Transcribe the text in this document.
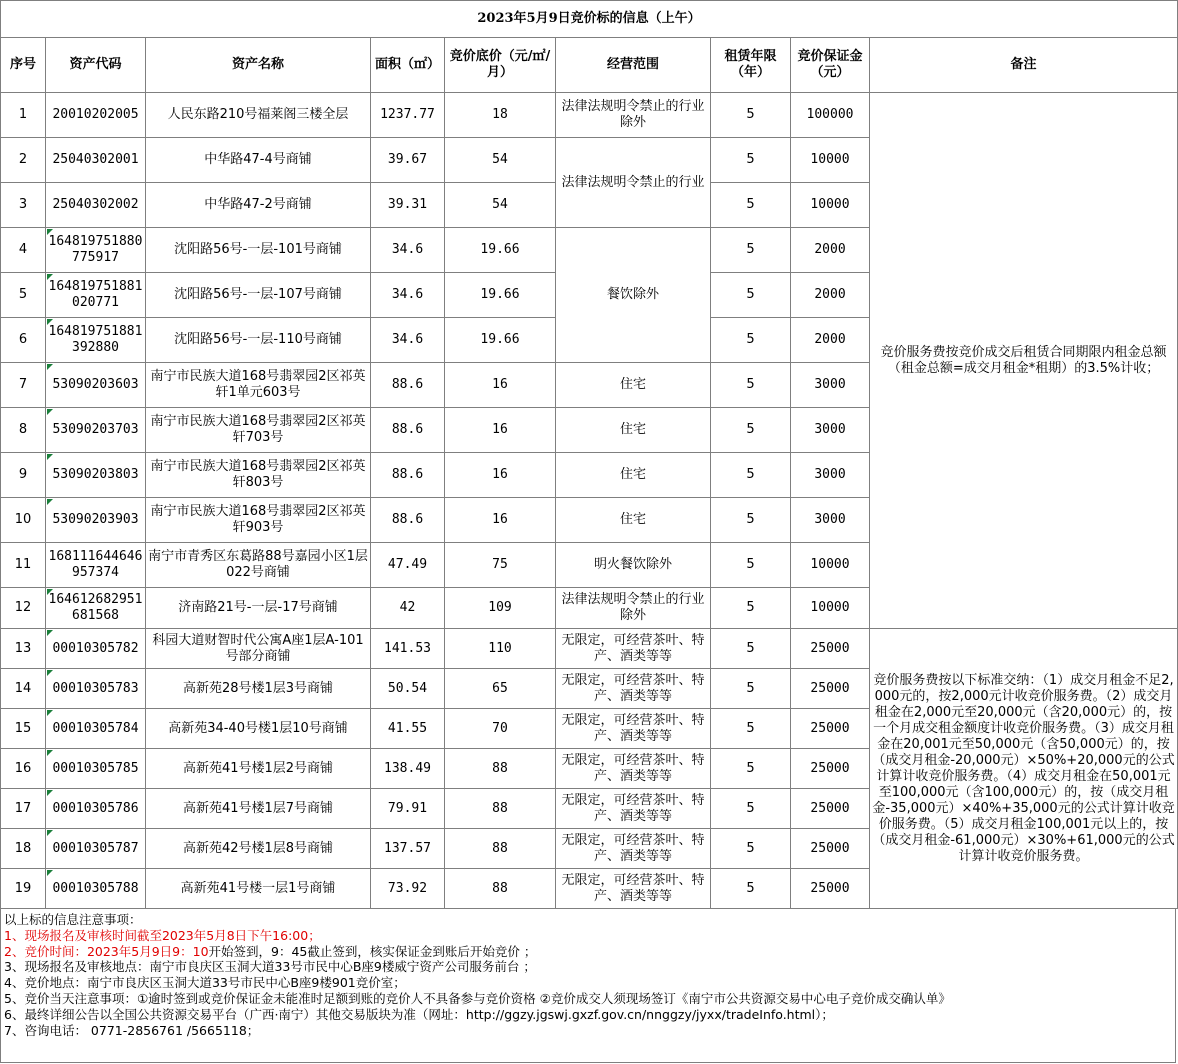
2023年5月9日竞价标的信息（上午）								
序号	资产代码	资产名称	面积（㎡）	竞价底价（元/㎡/月）	经营范围	租赁年限（年）	竞价保证金（元）	备注
1	20010202005	人民东路210号福莱阁三楼全层	1237.77	18	法律法规明令禁止的行业除外	5	100000	竞价服务费按竞价成交后租赁合同期限内租金总额（租金总额=成交月租金*租期）的3.5%计收；
2	25040302001	中华路47-4号商铺	39.67	54	法律法规明令禁止的行业	5	10000	
3	25040302002	中华路47-2号商铺	39.31	54		5	10000	
4	164819751880775917	沈阳路56号-一层-101号商铺	34.6	19.66	餐饮除外	5	2000	
5	164819751881020771	沈阳路56号-一层-107号商铺	34.6	19.66		5	2000	
6	164819751881392880	沈阳路56号-一层-110号商铺	34.6	19.66		5	2000	
7	53090203603	南宁市民族大道168号翡翠园2区祁英轩1单元603号	88.6	16	住宅	5	3000	
8	53090203703	南宁市民族大道168号翡翠园2区祁英轩703号	88.6	16	住宅	5	3000	
9	53090203803	南宁市民族大道168号翡翠园2区祁英轩803号	88.6	16	住宅	5	3000	
10	53090203903	南宁市民族大道168号翡翠园2区祁英轩903号	88.6	16	住宅	5	3000	
11	168111644646957374	南宁市青秀区东葛路88号嘉园小区1层022号商铺	47.49	75	明火餐饮除外	5	10000	
12	164612682951681568	济南路21号-一层-17号商铺	42	109	法律法规明令禁止的行业除外	5	10000	
13	00010305782	科园大道财智时代公寓A座1层A-101号部分商铺	141.53	110	无限定，可经营茶叶、特产、酒类等等	5	25000	竞价服务费按以下标准交纳：（1）成交月租金不足2,000元的，按2,000元计收竞价服务费。（2）成交月租金在2,000元至20,000元（含20,000元）的，按一个月成交租金额度计收竞价服务费。（3）成交月租金在20,001元至50,000元（含50,000元）的，按（成交月租金-20,000元）×50%+20,000元的公式计算计收竞价服务费。（4）成交月租金在50,001元至100,000元（含100,000元）的，按（成交月租金-35,000元）×40%+35,000元的公式计算计收竞价服务费。（5）成交月租金100,001元以上的，按（成交月租金-61,000元）×30%+61,000元的公式计算计收竞价服务费。
14	00010305783	高新苑28号楼1层3号商铺	50.54	65	无限定，可经营茶叶、特产、酒类等等	5	25000	
15	00010305784	高新苑34-40号楼1层10号商铺	41.55	70	无限定，可经营茶叶、特产、酒类等等	5	25000	
16	00010305785	高新苑41号楼1层2号商铺	138.49	88	无限定，可经营茶叶、特产、酒类等等	5	25000	
17	00010305786	高新苑41号楼1层7号商铺	79.91	88	无限定，可经营茶叶、特产、酒类等等	5	25000	
18	00010305787	高新苑42号楼1层8号商铺	137.57	88	无限定，可经营茶叶、特产、酒类等等	5	25000	
19	00010305788	高新苑41号楼一层1号商铺	73.92	88	无限定，可经营茶叶、特产、酒类等等	5	25000	
以上标的信息注意事项：
1、现场报名及审核时间截至2023年5月8日下午16:00；
2、竞价时间：2023年5月9日9：10开始签到，9：45截止签到，核实保证金到账后开始竞价 ；
3、现场报名及审核地点：南宁市良庆区玉洞大道33号市民中心B座9楼威宁资产公司服务前台 ；
4、竞价地点：南宁市良庆区玉洞大道33号市民中心B座9楼901竞价室；
5、竞价当天注意事项：①逾时签到或竞价保证金未能准时足额到账的竞价人不具备参与竞价资格 ②竞价成交人须现场签订《南宁市公共资源交易中心电子竞价成交确认单》
6、最终详细公告以全国公共资源交易平台（广西·南宁）其他交易版块为准（网址：http://ggzy.jgswj.gxzf.gov.cn/nnggzy/jyxx/tradeInfo.html）；
7、咨询电话： 0771-2856761 /5665118；
